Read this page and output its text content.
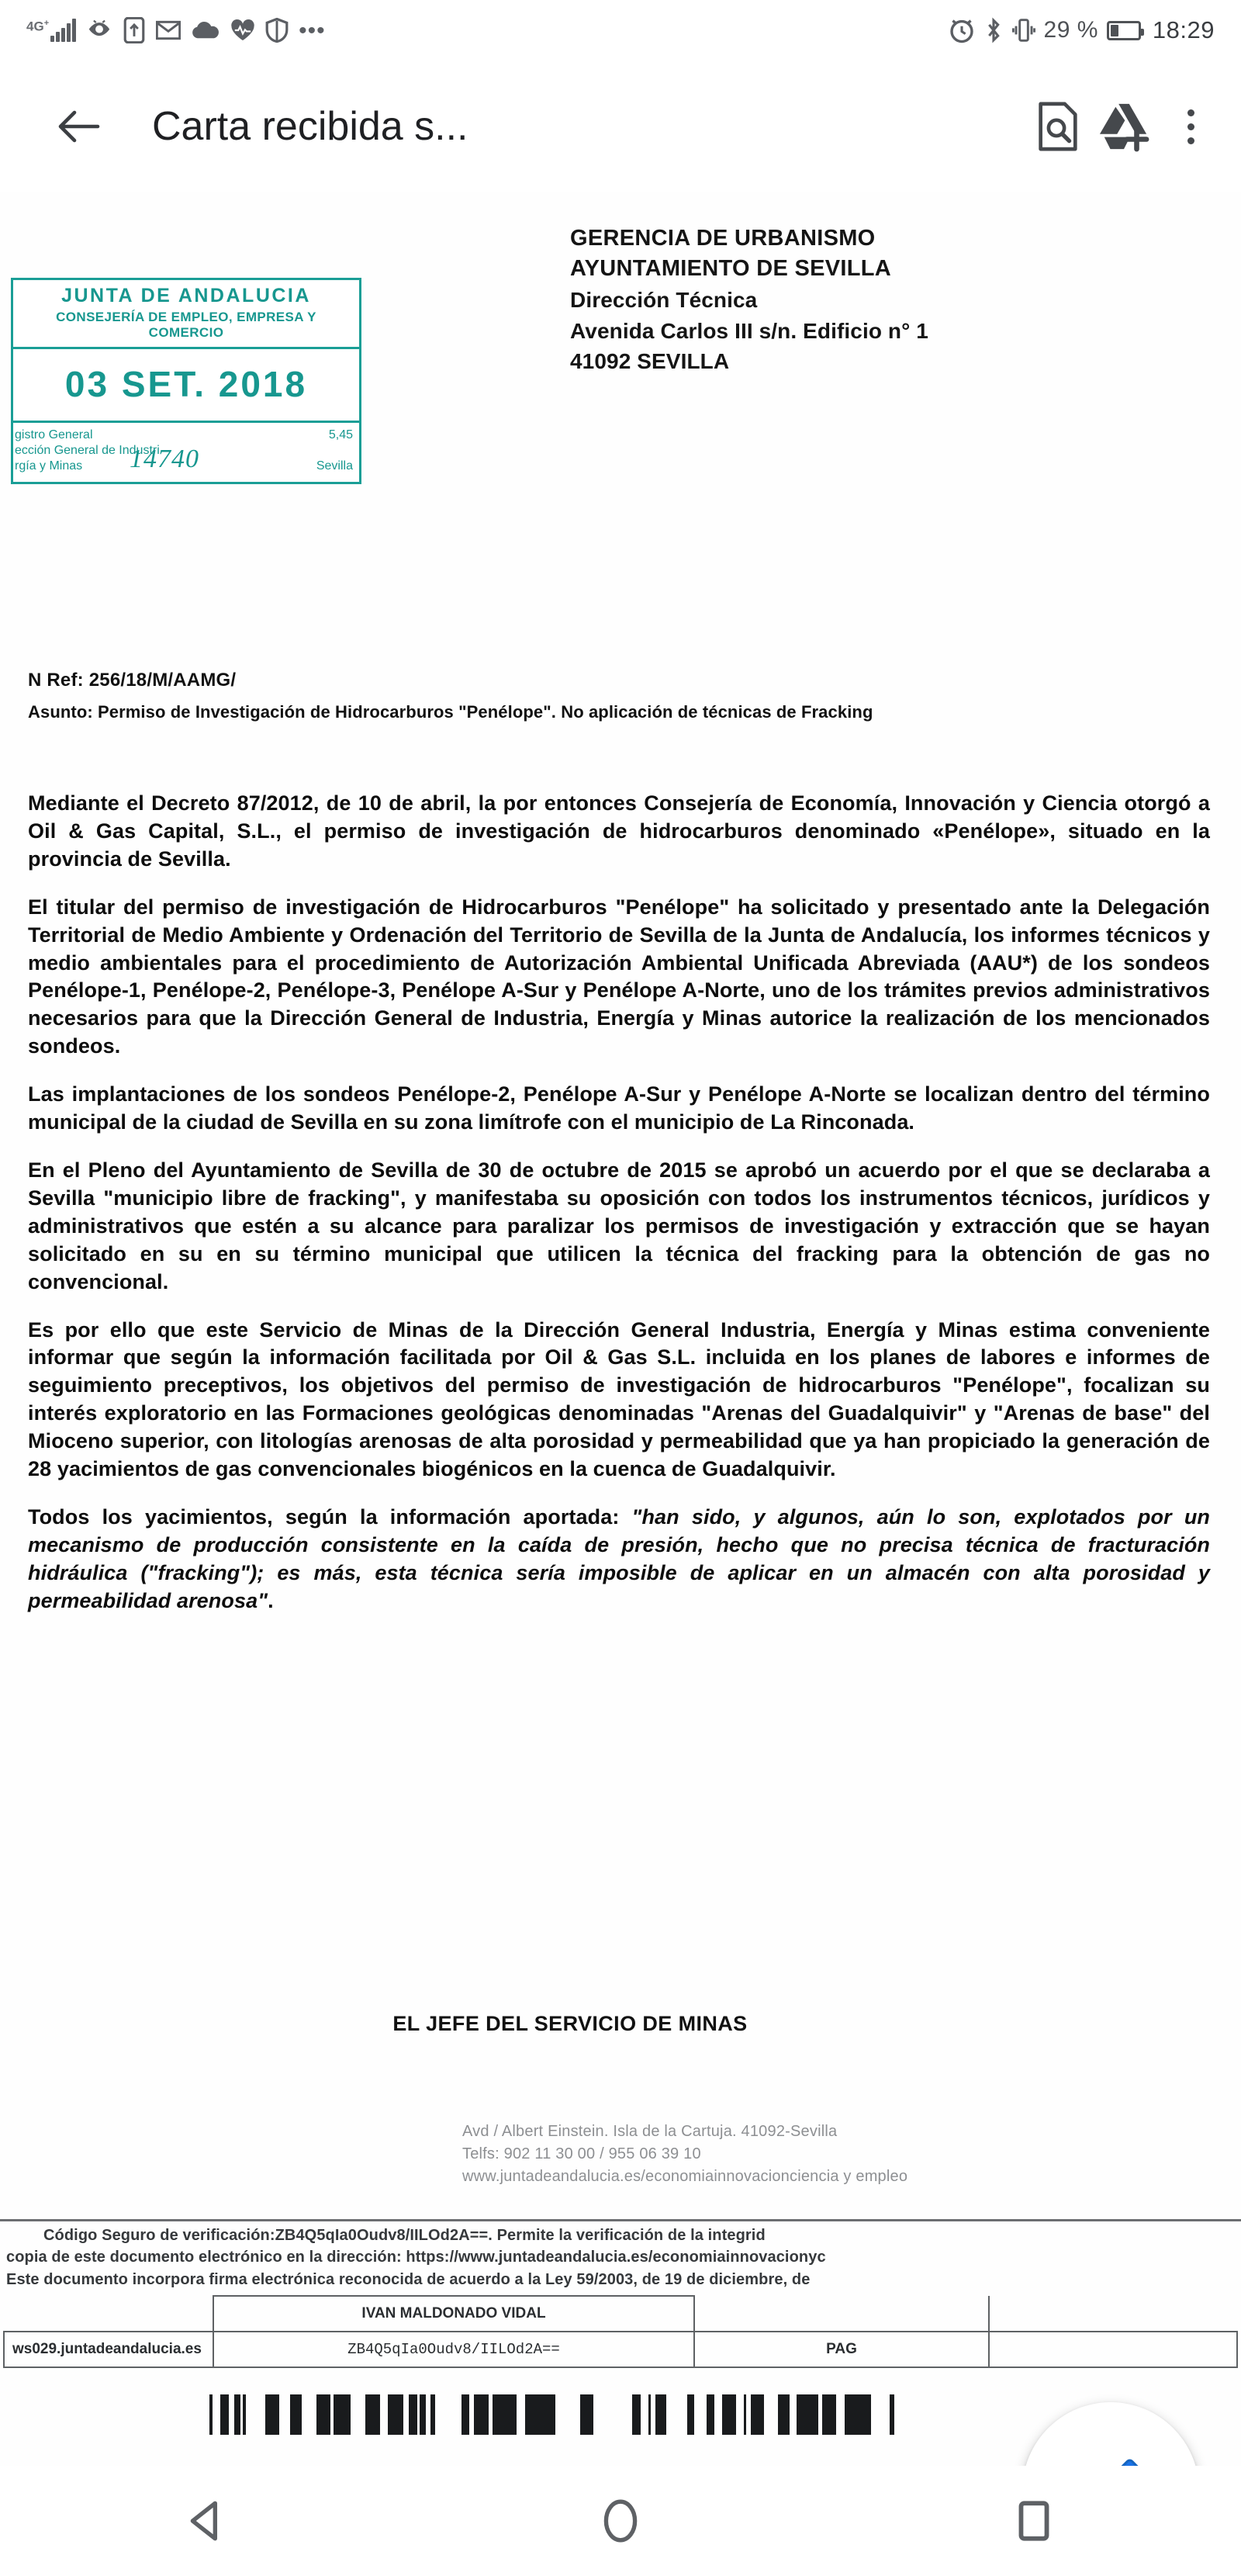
4G+	•••	29 % 18:29
Carta recibida s...
JUNTA DE ANDALUCIA
CONSEJERÍA DE EMPLEO, EMPRESA Y COMERCIO
03 SET. 2018
gistro General
ección General de Industri
rgía y Minas
5,45
Sevilla
14740
GERENCIA DE URBANISMO
AYUNTAMIENTO DE SEVILLA
Dirección Técnica
Avenida Carlos III s/n. Edificio n° 1
41092 SEVILLA
N Ref: 256/18/M/AAMG/
Asunto: Permiso de Investigación de Hidrocarburos "Penélope". No aplicación de técnicas de Fracking

Mediante el Decreto 87/2012, de 10 de abril, la por entonces Consejería de Economía, Innovación y Ciencia otorgó a Oil & Gas Capital, S.L., el permiso de investigación de hidrocarburos denominado «Penélope», situado en la provincia de Sevilla.

El titular del permiso de investigación de Hidrocarburos "Penélope" ha solicitado y presentado ante la Delegación Territorial de Medio Ambiente y Ordenación del Territorio de Sevilla de la Junta de Andalucía, los informes técnicos y medio ambientales para el procedimiento de Autorización Ambiental Unificada Abreviada (AAU*) de los sondeos Penélope-1, Penélope-2, Penélope-3, Penélope A-Sur y Penélope A-Norte, uno de los trámites previos administrativos necesarios para que la Dirección General de Industria, Energía y Minas autorice la realización de los mencionados sondeos.

Las implantaciones de los sondeos Penélope-2, Penélope A-Sur y Penélope A-Norte se localizan dentro del término municipal de la ciudad de Sevilla en su zona limítrofe con el municipio de La Rinconada.

En el Pleno del Ayuntamiento de Sevilla de 30 de octubre de 2015 se aprobó un acuerdo por el que se declaraba a Sevilla "municipio libre de fracking", y manifestaba su oposición con todos los instrumentos técnicos, jurídicos y administrativos que estén a su alcance para paralizar los permisos de investigación y extracción que se hayan solicitado en su en su término municipal que utilicen la técnica del fracking para la obtención de gas no convencional.

Es por ello que este Servicio de Minas de la Dirección General Industria, Energía y Minas estima conveniente informar que según la información facilitada por Oil & Gas S.L. incluida en los planes de labores e informes de seguimiento preceptivos, los objetivos del permiso de investigación de hidrocarburos "Penélope", focalizan su interés exploratorio en las Formaciones geológicas denominadas "Arenas del Guadalquivir" y "Arenas de base" del Mioceno superior, con litologías arenosas de alta porosidad y permeabilidad que ya han propiciado la generación de 28 yacimientos de gas convencionales biogénicos en la cuenca de Guadalquivir.

Todos los yacimientos, según la información aportada: "han sido, y algunos, aún lo son, explotados por un mecanismo de producción consistente en la caída de presión, hecho que no precisa técnica de fracturación hidráulica ("fracking"); es más, esta técnica sería imposible de aplicar en un almacén con alta porosidad y permeabilidad arenosa".

EL JEFE DEL SERVICIO DE MINAS
Avd / Albert Einstein. Isla de la Cartuja. 41092-Sevilla
Telfs: 902 11 30 00 / 955 06 39 10
www.juntadeandalucia.es/economiainnovacionciencia y empleo
Código Seguro de verificación:ZB4Q5qIa0Oudv8/IILOd2A==. Permite la verificación de la integrid
copia de este documento electrónico en la dirección: https://www.juntadeandalucia.es/economiainnovacionyc
Este documento incorpora firma electrónica reconocida de acuerdo a la Ley 59/2003, de 19 de diciembre, de
	IVAN MALDONADO VIDAL		
ws029.juntadeandalucia.es	ZB4Q5qIa0Oudv8/IILOd2A==	PAG	
